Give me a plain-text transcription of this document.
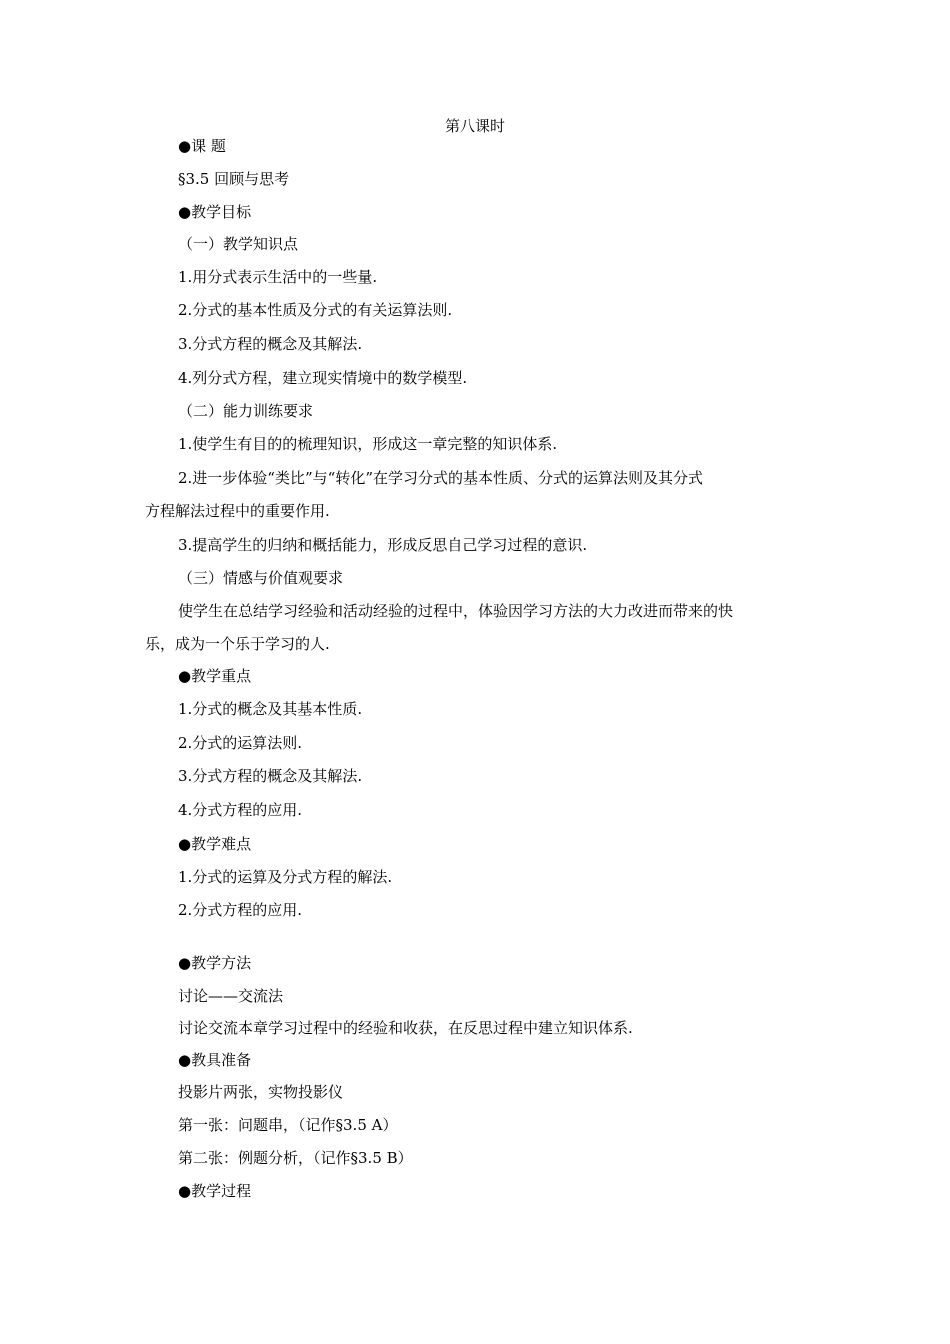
第八课时
●课 题
§3.5 回顾与思考
●教学目标
（一）教学知识点
1.用分式表示生活中的一些量.
2.分式的基本性质及分式的有关运算法则.
3.分式方程的概念及其解法.
4.列分式方程，建立现实情境中的数学模型.
（二）能力训练要求
1.使学生有目的的梳理知识，形成这一章完整的知识体系.
2.进一步体验“类比”与“转化”在学习分式的基本性质、分式的运算法则及其分式
方程解法过程中的重要作用.
3.提高学生的归纳和概括能力，形成反思自己学习过程的意识.
（三）情感与价值观要求
使学生在总结学习经验和活动经验的过程中，体验因学习方法的大力改进而带来的快
乐，成为一个乐于学习的人.
●教学重点
1.分式的概念及其基本性质.
2.分式的运算法则.
3.分式方程的概念及其解法.
4.分式方程的应用.
●教学难点
1.分式的运算及分式方程的解法.
2.分式方程的应用.
●教学方法
讨论——交流法
讨论交流本章学习过程中的经验和收获，在反思过程中建立知识体系.
●教具准备
投影片两张，实物投影仪
第一张：问题串，（记作§3.5 A）
第二张：例题分析，（记作§3.5 B）
●教学过程
